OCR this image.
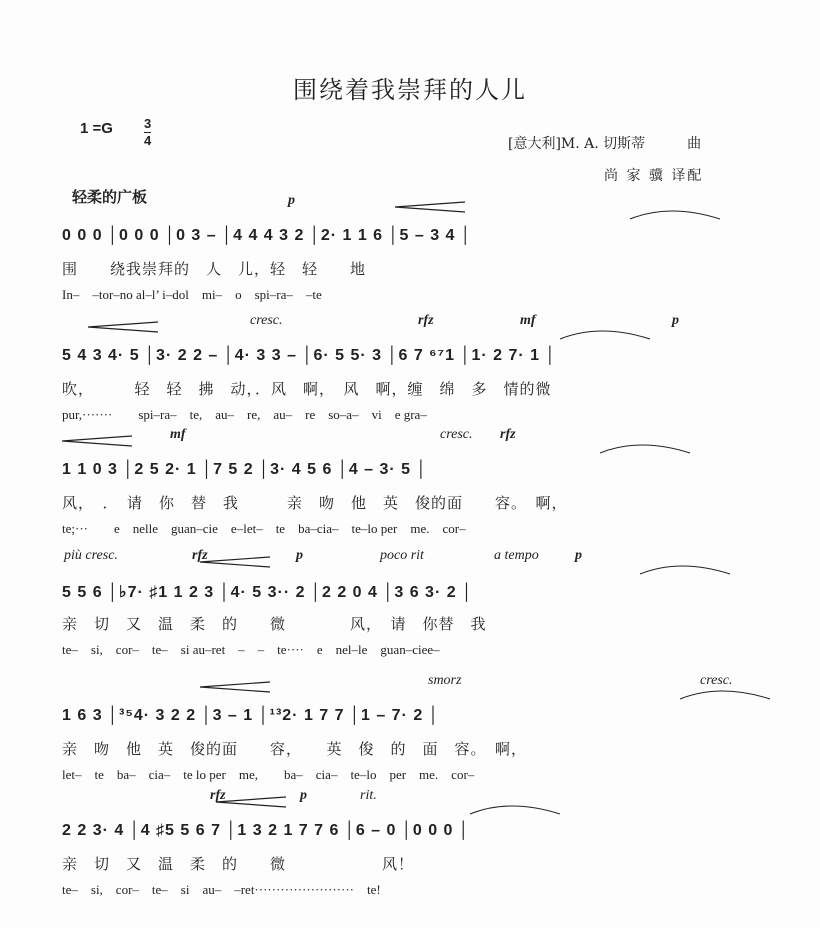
围绕着我崇拜的人儿
$1 =G \frac{3}{4}$	[意大利]M. A. 切斯蒂　　　曲
尚 家 骥 译配
轻柔的广板	p
0 0 0 │0 0 0 │0 3 – │4 4 4 3 2 │2· 1 1 6 │5 – 3 4 │
围　　绕我崇拜的　人　儿，轻　轻　　地
In–　–tor–no al–l’ i–dol　mi–　o　spi–ra–　–te
cresc.	rfz	mf	p
5 4 3 4· 5 │3· 2 2 – │4· 3 3 – │6· 5 5· 3 │6 7 ⁶⁷1 │1· 2 7· 1 │
吹，　　　轻　轻　拂　动，．风　啊，　风　啊，缠　绵　多　情的微
pur,·······　　spi–ra–　te,　au–　re,　au–　re　so–a–　vi　e gra–
mf	cresc. rfz
1 1 0 3 │2 5 2· 1 │7 5 2 │3· 4 5 6 │4 – 3· 5 │
风，　．　请　你　替　我　　　亲　吻　他　英　俊的面　　容。　啊，
te;···　　e　nelle　guan–cie　e–let–　te　ba–cia–　te–lo per　me.　cor–
più cresc.	rfz	p	poco rit	a tempo	p
5 5 6 │♭7· ♯1 1 2 3 │4· 5 3·· 2 │2 2 0 4 │3 6 3· 2 │
亲　切　又　温　柔　的　　微　　　　风，　请　你替　我
te–　si,　cor–　te–　si au–ret　–　–　te····　e　nel–le　guan–ciee–
smorz	cresc.
1 6 3 │³⁵4· 3 2 2 │3 – 1 │¹³2· 1 7 7 │1 – 7· 2 │
亲　吻　他　英　俊的面　　容，　　英　俊　的　面　容。　啊，
let–　te　ba–　cia–　te lo per　me,　　ba–　cia–　te–lo　per　me.　cor–
rfz	p	rit.
2 2 3· 4 │4 ♯5 5 6 7 │1 3 2 1 7 7 6 │6 – 0 │0 0 0 │
亲　切　又　温　柔　的　　微　　　　　　风！
te–　si,　cor–　te–　si　au–　–ret·······················　te!
